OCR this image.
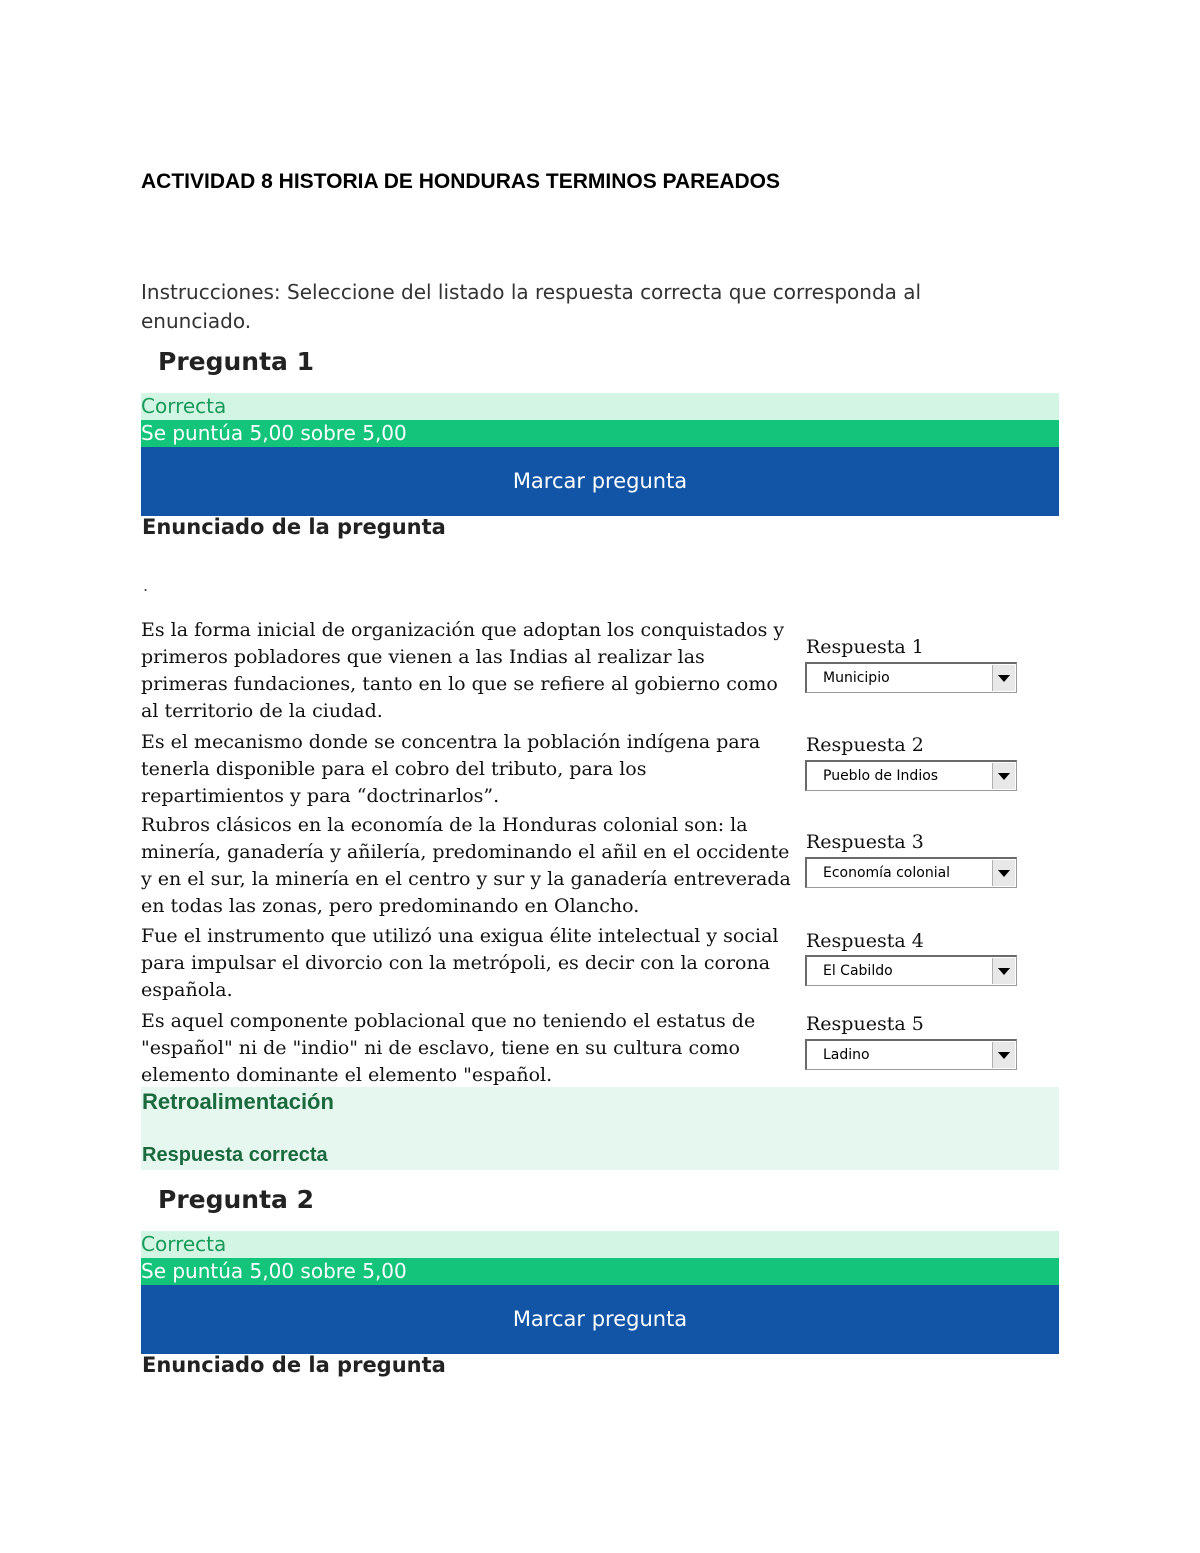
ACTIVIDAD 8 HISTORIA DE HONDURAS TERMINOS PAREADOS
Instrucciones: Seleccione del listado la respuesta correcta que corresponda al enunciado.
Pregunta 1
Correcta
Se puntúa 5,00 sobre 5,00
Marcar pregunta
Enunciado de la pregunta
.
Es la forma inicial de organización que adoptan los conquistados y primeros pobladores que vienen a las Indias al realizar las primeras fundaciones, tanto en lo que se refiere al gobierno como al territorio de la ciudad.
Respuesta 1
Municipio
Es el mecanismo donde se concentra la población indígena para tenerla disponible para el cobro del tributo, para los repartimientos y para “doctrinarlos”.
Respuesta 2
Pueblo de Indios
Rubros clásicos en la economía de la Honduras colonial son: la minería, ganadería y añilería, predominando el añil en el occidente y en el sur, la minería en el centro y sur y la ganadería entreverada en todas las zonas, pero predominando en Olancho.
Respuesta 3
Economía colonial
Fue el instrumento que utilizó una exigua élite intelectual y social para impulsar el divorcio con la metrópoli, es decir con la corona española.
Respuesta 4
El Cabildo
Es aquel componente poblacional que no teniendo el estatus de "español" ni de "indio" ni de esclavo, tiene en su cultura como elemento dominante el elemento "español.
Respuesta 5
Ladino
Retroalimentación
Respuesta correcta
Pregunta 2
Correcta
Se puntúa 5,00 sobre 5,00
Marcar pregunta
Enunciado de la pregunta
